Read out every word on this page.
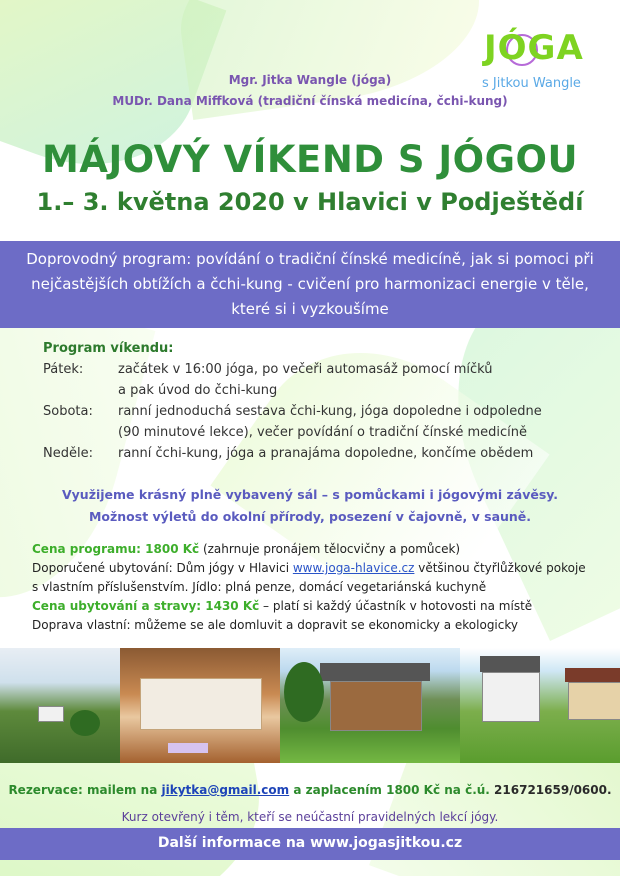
JÓGA
s Jitkou Wangle
Mgr. Jitka Wangle (jóga)
MUDr. Dana Miffková (tradiční čínská medicína, čchi-kung)
MÁJOVÝ VÍKEND S JÓGOU
1.– 3. května 2020 v Hlavici v Podještědí
Doprovodný program: povídání o tradiční čínské medicíně, jak si pomoci při nejčastějších obtížích a čchi-kung - cvičení pro harmonizaci energie v těle, které si i vyzkoušíme
Program víkendu:
Pátek:	začátek v 16:00 jóga, po večeři automasáž pomocí míčků
a pak úvod do čchi-kung
Sobota:	ranní jednoduchá sestava čchi-kung, jóga dopoledne i odpoledne
(90 minutové lekce), večer povídání o tradiční čínské medicíně
Neděle:	ranní čchi-kung, jóga a pranajáma dopoledne, končíme obědem
Využijeme krásný plně vybavený sál – s pomůckami i jógovými závěsy.
Možnost výletů do okolní přírody, posezení v čajovně, v sauně.
Cena programu: 1800 Kč (zahrnuje pronájem tělocvičny a pomůcek)
Doporučené ubytování: Dům jógy v Hlavici www.joga-hlavice.cz většinou čtyřlůžkové pokoje
s vlastním příslušenstvím. Jídlo: plná penze, domácí vegetariánská kuchyně
Cena ubytování a stravy: 1430 Kč – platí si každý účastník v hotovosti na místě
Doprava vlastní: můžeme se ale domluvit a dopravit se ekonomicky a ekologicky
Rezervace: mailem na jikytka@gmail.com a zaplacením 1800 Kč na č.ú. 216721659/0600.
Kurz otevřený i těm, kteří se neúčastní pravidelných lekcí jógy.
Další informace na www.jogasjitkou.cz
